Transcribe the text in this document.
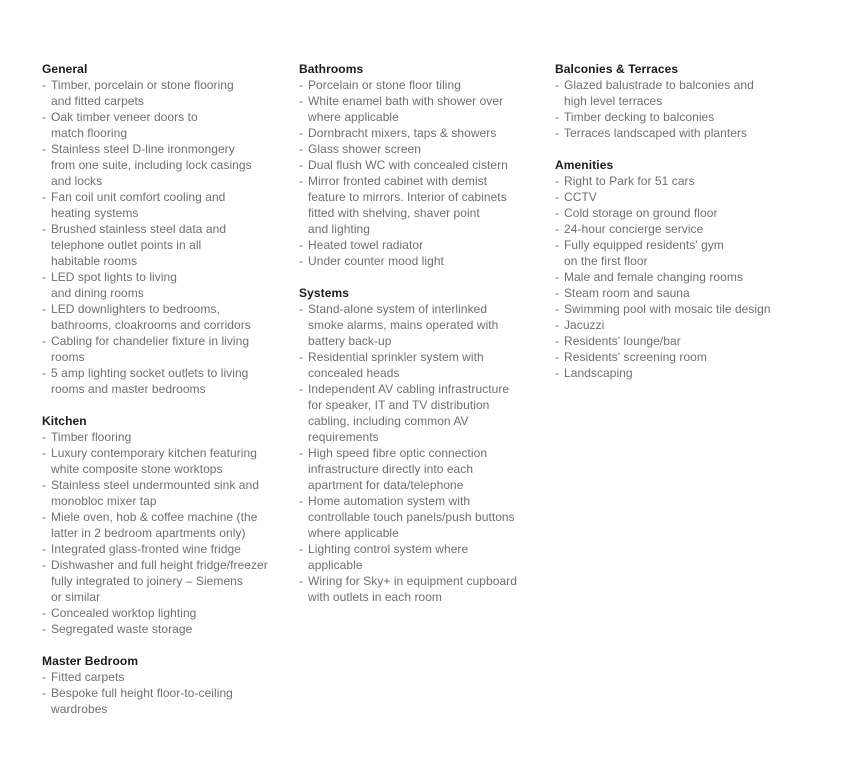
General
- Timber, porcelain or stone flooring
and fitted carpets
- Oak timber veneer doors to
match flooring
- Stainless steel D-line ironmongery
from one suite, including lock casings
and locks
- Fan coil unit comfort cooling and
heating systems
- Brushed stainless steel data and
telephone outlet points in all
habitable rooms
- LED spot lights to living
and dining rooms
- LED downlighters to bedrooms,
bathrooms, cloakrooms and corridors
- Cabling for chandelier fixture in living
rooms
- 5 amp lighting socket outlets to living
rooms and master bedrooms
Kitchen
- Timber flooring
- Luxury contemporary kitchen featuring
white composite stone worktops
- Stainless steel undermounted sink and
monobloc mixer tap
- Miele oven, hob & coffee machine (the
latter in 2 bedroom apartments only)
- Integrated glass-fronted wine fridge
- Dishwasher and full height fridge/freezer
fully integrated to joinery – Siemens
or similar
- Concealed worktop lighting
- Segregated waste storage
Master Bedroom
- Fitted carpets
- Bespoke full height floor-to-ceiling
wardrobes
Bathrooms
- Porcelain or stone floor tiling
- White enamel bath with shower over
where applicable
- Dornbracht mixers, taps & showers
- Glass shower screen
- Dual flush WC with concealed cistern
- Mirror fronted cabinet with demist
feature to mirrors. Interior of cabinets
fitted with shelving, shaver point
and lighting
- Heated towel radiator
- Under counter mood light
Systems
- Stand-alone system of interlinked
smoke alarms, mains operated with
battery back-up
- Residential sprinkler system with
concealed heads
- Independent AV cabling infrastructure
for speaker, IT and TV distribution
cabling, including common AV
requirements
- High speed fibre optic connection
infrastructure directly into each
apartment for data/telephone
- Home automation system with
controllable touch panels/push buttons
where applicable
- Lighting control system where
applicable
- Wiring for Sky+ in equipment cupboard
with outlets in each room
Balconies & Terraces
- Glazed balustrade to balconies and
high level terraces
- Timber decking to balconies
- Terraces landscaped with planters
Amenities
- Right to Park for 51 cars
- CCTV
- Cold storage on ground floor
- 24-hour concierge service
- Fully equipped residents' gym
on the first floor
- Male and female changing rooms
- Steam room and sauna
- Swimming pool with mosaic tile design
- Jacuzzi
- Residents' lounge/bar
- Residents' screening room
- Landscaping
